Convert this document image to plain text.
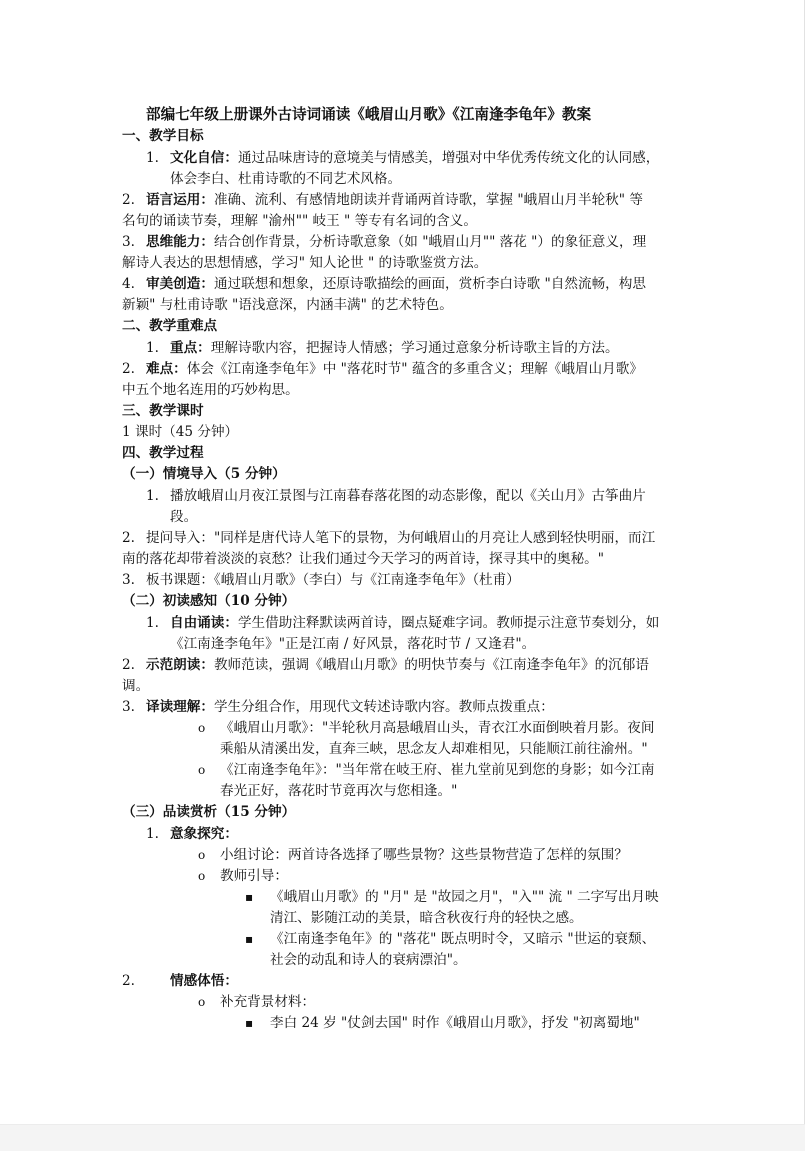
部编七年级上册课外古诗词诵读《峨眉山月歌》《江南逢李龟年》教案
一、教学目标
1. 文化自信：通过品味唐诗的意境美与情感美，增强对中华优秀传统文化的认同感，
体会李白、杜甫诗歌的不同艺术风格。
2. 语言运用：准确、流利、有感情地朗读并背诵两首诗歌，掌握 "峨眉山月半轮秋" 等
名句的诵读节奏，理解 "渝州"" 岐王 " 等专有名词的含义。
3. 思维能力：结合创作背景，分析诗歌意象（如 "峨眉山月"" 落花 "）的象征意义，理
解诗人表达的思想情感，学习" 知人论世 " 的诗歌鉴赏方法。
4. 审美创造：通过联想和想象，还原诗歌描绘的画面，赏析李白诗歌 "自然流畅，构思
新颖" 与杜甫诗歌 "语浅意深，内涵丰满" 的艺术特色。
二、教学重难点
1. 重点：理解诗歌内容，把握诗人情感；学习通过意象分析诗歌主旨的方法。
2. 难点：体会《江南逢李龟年》中 "落花时节" 蕴含的多重含义；理解《峨眉山月歌》
中五个地名连用的巧妙构思。
三、教学课时
1 课时（45 分钟）
四、教学过程
（一）情境导入（5 分钟）
1. 播放峨眉山月夜江景图与江南暮春落花图的动态影像，配以《关山月》古筝曲片
段。
2. 提问导入："同样是唐代诗人笔下的景物，为何峨眉山的月亮让人感到轻快明丽，而江
南的落花却带着淡淡的哀愁？让我们通过今天学习的两首诗，探寻其中的奥秘。"
3. 板书课题：《峨眉山月歌》（李白）与《江南逢李龟年》（杜甫）
（二）初读感知（10 分钟）
1. 自由诵读：学生借助注释默读两首诗，圈点疑难字词。教师提示注意节奏划分，如
《江南逢李龟年》"正是江南 / 好风景，落花时节 / 又逢君"。
2. 示范朗读：教师范读，强调《峨眉山月歌》的明快节奏与《江南逢李龟年》的沉郁语
调。
3. 译读理解：学生分组合作，用现代文转述诗歌内容。教师点拨重点：
o 《峨眉山月歌》："半轮秋月高悬峨眉山头，青衣江水面倒映着月影。夜间
乘船从清溪出发，直奔三峡，思念友人却难相见，只能顺江前往渝州。"
o 《江南逢李龟年》："当年常在岐王府、崔九堂前见到您的身影；如今江南
春光正好，落花时节竟再次与您相逢。"
（三）品读赏析（15 分钟）
1. 意象探究：
o 小组讨论：两首诗各选择了哪些景物？这些景物营造了怎样的氛围？
o 教师引导：
▪ 《峨眉山月歌》的 "月" 是 "故园之月"，"入"" 流 " 二字写出月映
清江、影随江动的美景，暗含秋夜行舟的轻快之感。
▪ 《江南逢李龟年》的 "落花" 既点明时令，又暗示 "世运的衰颓、
社会的动乱和诗人的衰病漂泊"。
2.	情感体悟：
o 补充背景材料：
▪ 李白 24 岁 "仗剑去国" 时作《峨眉山月歌》，抒发 "初离蜀地"
